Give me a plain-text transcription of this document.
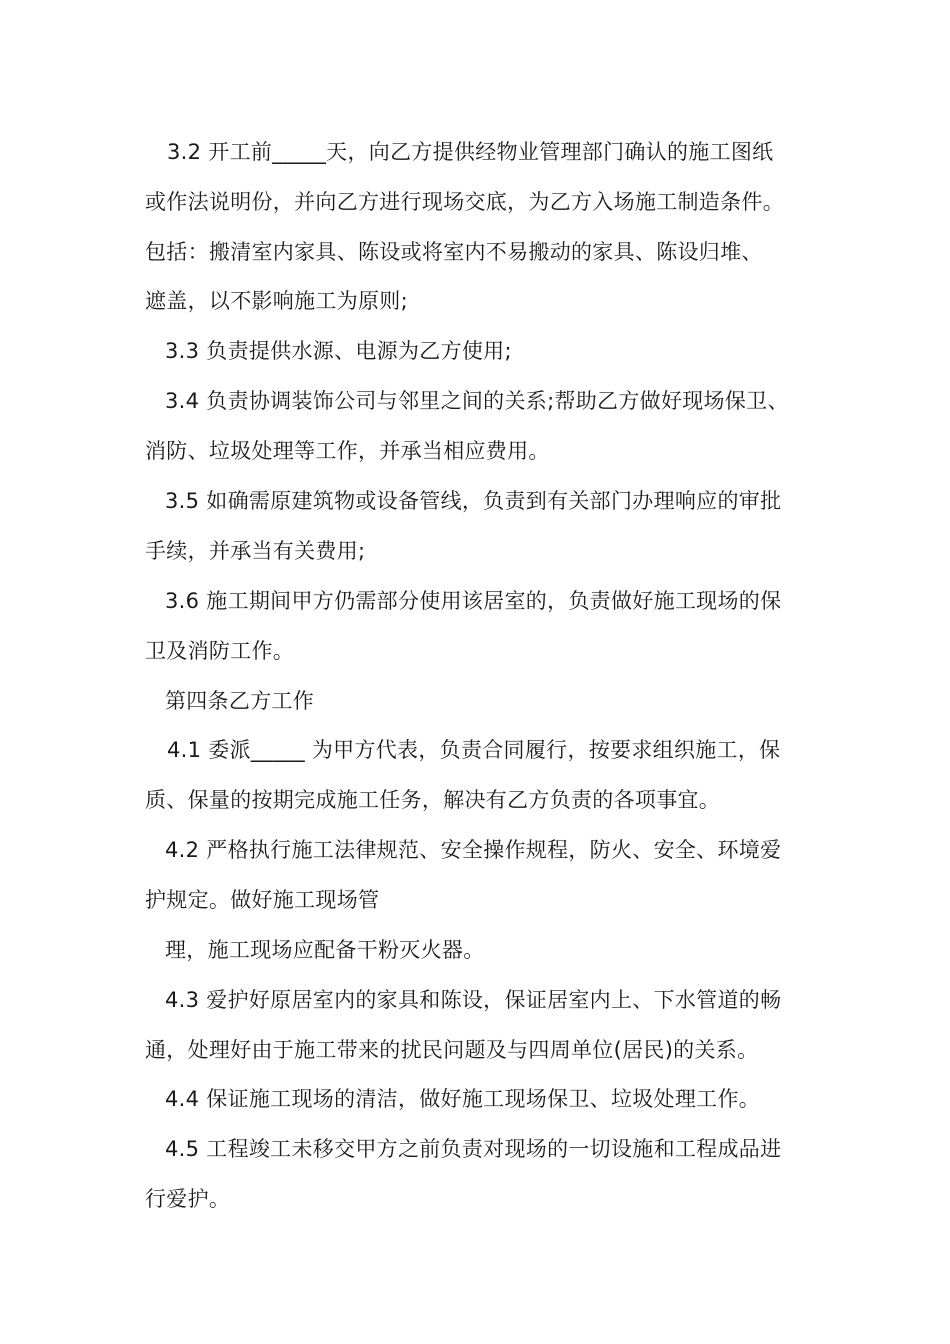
3.2 开工前_____天，向乙方提供经物业管理部门确认的施工图纸
或作法说明份，并向乙方进行现场交底，为乙方入场施工制造条件。
包括：搬清室内家具、陈设或将室内不易搬动的家具、陈设归堆、
遮盖，以不影响施工为原则;
3.3 负责提供水源、电源为乙方使用;
3.4 负责协调装饰公司与邻里之间的关系;帮助乙方做好现场保卫、
消防、垃圾处理等工作，并承当相应费用。
3.5 如确需原建筑物或设备管线，负责到有关部门办理响应的审批
手续，并承当有关费用;
3.6 施工期间甲方仍需部分使用该居室的，负责做好施工现场的保
卫及消防工作。
第四条乙方工作
4.1 委派_____ 为甲方代表，负责合同履行，按要求组织施工，保
质、保量的按期完成施工任务，解决有乙方负责的各项事宜。
4.2 严格执行施工法律规范、安全操作规程，防火、安全、环境爱
护规定。做好施工现场管
理，施工现场应配备干粉灭火器。
4.3 爱护好原居室内的家具和陈设，保证居室内上、下水管道的畅
通，处理好由于施工带来的扰民问题及与四周单位(居民)的关系。
4.4 保证施工现场的清洁，做好施工现场保卫、垃圾处理工作。
4.5 工程竣工未移交甲方之前负责对现场的一切设施和工程成品进
行爱护。
